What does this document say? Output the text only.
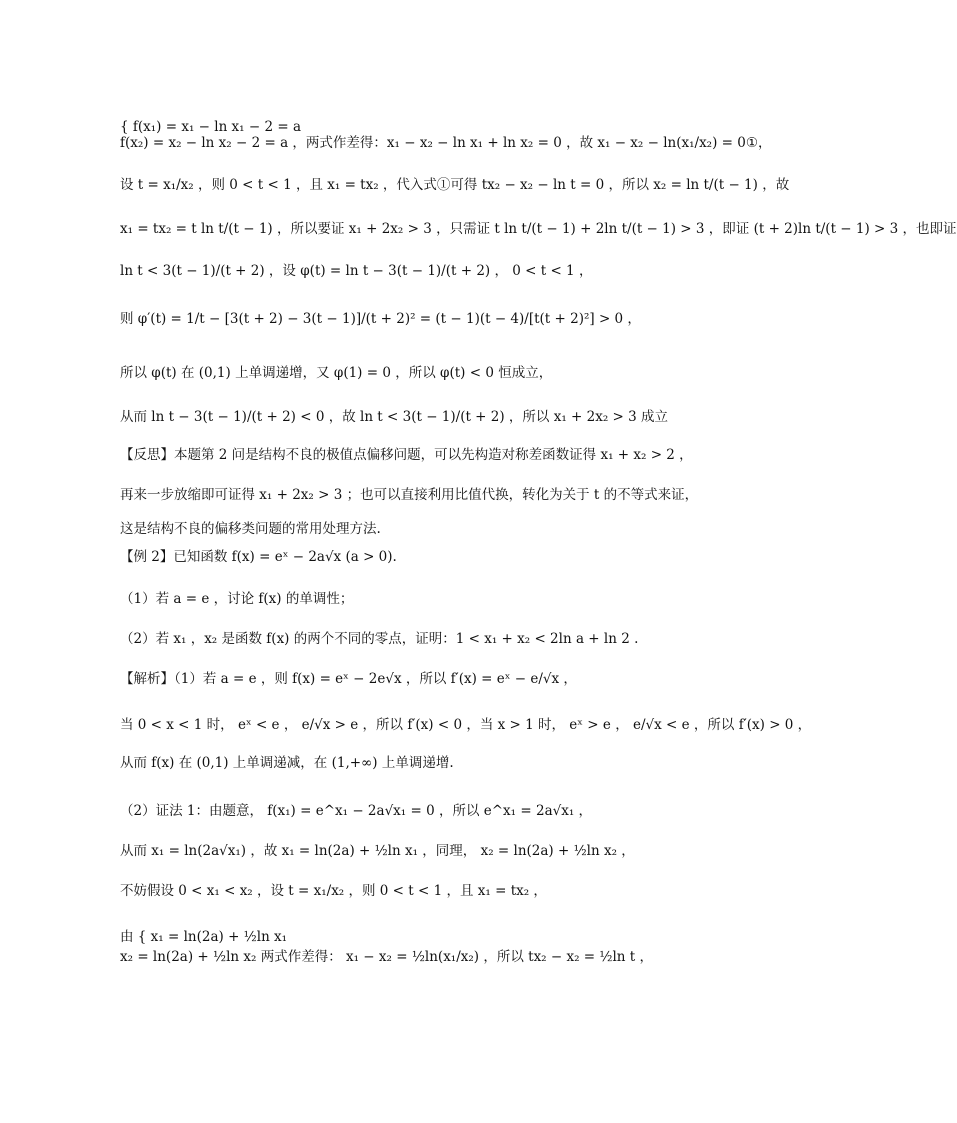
{ f(x₁) = x₁ − ln x₁ − 2 = a
f(x₂) = x₂ − ln x₂ − 2 = a ，两式作差得：x₁ − x₂ − ln x₁ + ln x₂ = 0 ，故 x₁ − x₂ − ln(x₁/x₂) = 0①，
设 t = x₁/x₂ ，则 0 < t < 1 ，且 x₁ = tx₂ ，代入式①可得 tx₂ − x₂ − ln t = 0 ，所以 x₂ = ln t/(t − 1) ，故
x₁ = tx₂ = t ln t/(t − 1) ，所以要证 x₁ + 2x₂ > 3 ，只需证 t ln t/(t − 1) + 2ln t/(t − 1) > 3 ，即证 (t + 2)ln t/(t − 1) > 3 ，也即证
ln t < 3(t − 1)/(t + 2) ，设 φ(t) = ln t − 3(t − 1)/(t + 2) ， 0 < t < 1 ，
则 φ′(t) = 1/t − [3(t + 2) − 3(t − 1)]/(t + 2)² = (t − 1)(t − 4)/[t(t + 2)²] > 0 ，
所以 φ(t) 在 (0,1) 上单调递增，又 φ(1) = 0 ，所以 φ(t) < 0 恒成立，
从而 ln t − 3(t − 1)/(t + 2) < 0 ，故 ln t < 3(t − 1)/(t + 2) ，所以 x₁ + 2x₂ > 3 成立
【反思】本题第 2 问是结构不良的极值点偏移问题，可以先构造对称差函数证得 x₁ + x₂ > 2 ，
再来一步放缩即可证得 x₁ + 2x₂ > 3 ；也可以直接利用比值代换，转化为关于 t 的不等式来证，
这是结构不良的偏移类问题的常用处理方法.
【例 2】已知函数 f(x) = eˣ − 2a√x (a > 0).
（1）若 a = e ，讨论 f(x) 的单调性；
（2）若 x₁ ，x₂ 是函数 f(x) 的两个不同的零点，证明：1 < x₁ + x₂ < 2ln a + ln 2 .
【解析】（1）若 a = e ，则 f(x) = eˣ − 2e√x ，所以 f′(x) = eˣ − e/√x ，
当 0 < x < 1 时， eˣ < e ， e/√x > e ，所以 f′(x) < 0 ，当 x > 1 时， eˣ > e ， e/√x < e ，所以 f′(x) > 0 ，
从而 f(x) 在 (0,1) 上单调递减，在 (1,+∞) 上单调递增.
（2）证法 1：由题意， f(x₁) = e^x₁ − 2a√x₁ = 0 ，所以 e^x₁ = 2a√x₁ ，
从而 x₁ = ln(2a√x₁) ，故 x₁ = ln(2a) + ½ln x₁ ，同理， x₂ = ln(2a) + ½ln x₂ ，
不妨假设 0 < x₁ < x₂ ，设 t = x₁/x₂ ，则 0 < t < 1 ，且 x₁ = tx₂ ，
由 { x₁ = ln(2a) + ½ln x₁
x₂ = ln(2a) + ½ln x₂ 两式作差得： x₁ − x₂ = ½ln(x₁/x₂) ，所以 tx₂ − x₂ = ½ln t ，
